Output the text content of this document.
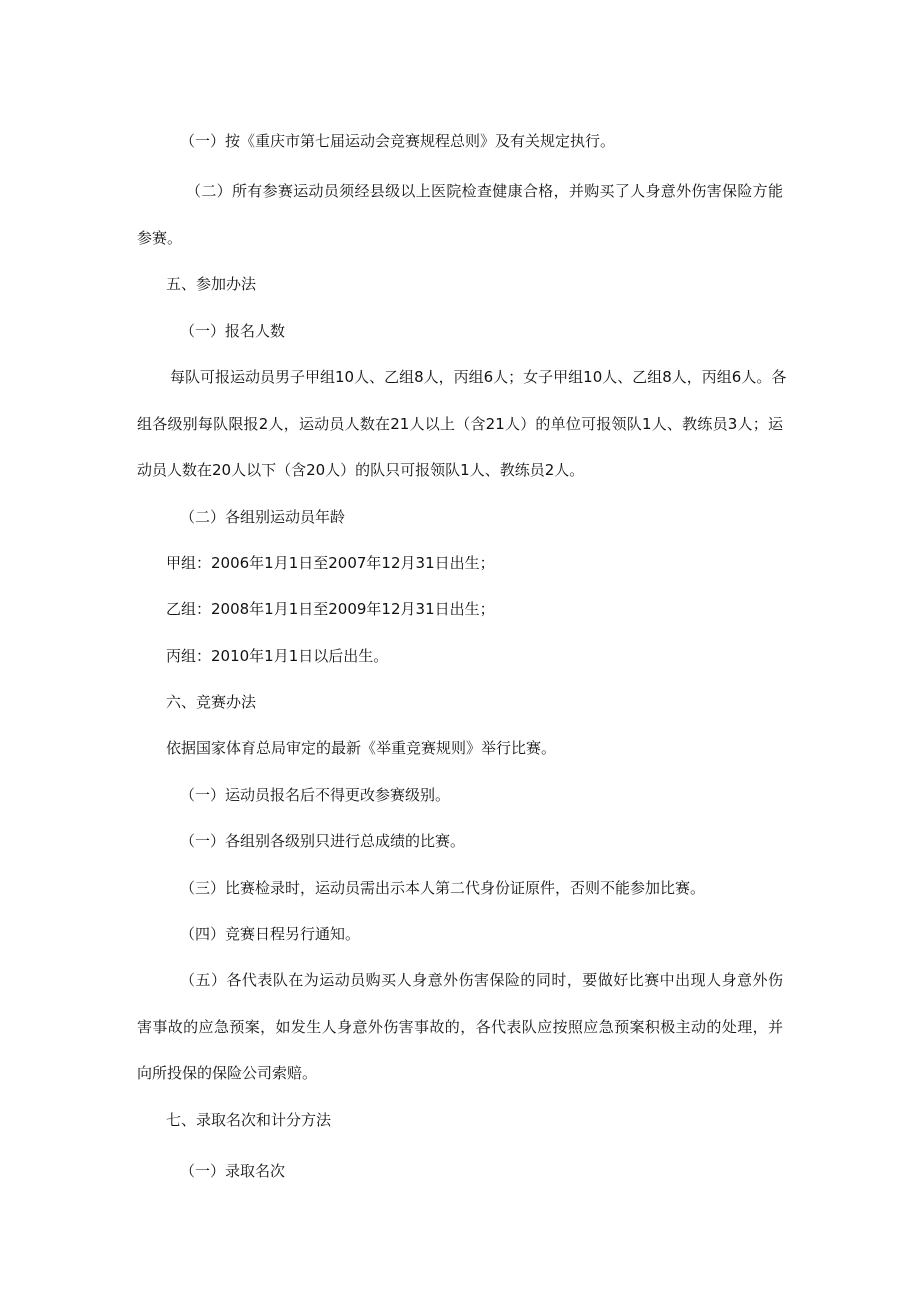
（一）按《重庆市第七届运动会竞赛规程总则》及有关规定执行。
（二）所有参赛运动员须经县级以上医院检查健康合格，并购买了人身意外伤害保险方能
参赛。
五、参加办法
（一）报名人数
每队可报运动员男子甲组10人、乙组8人，丙组6人；女子甲组10人、乙组8人，丙组6人。各
组各级别每队限报2人，运动员人数在21人以上（含21人）的单位可报领队1人、教练员3人；运
动员人数在20人以下（含20人）的队只可报领队1人、教练员2人。
（二）各组别运动员年龄
甲组：2006年1月1日至2007年12月31日出生；
乙组：2008年1月1日至2009年12月31日出生；
丙组：2010年1月1日以后出生。
六、竞赛办法
依据国家体育总局审定的最新《举重竞赛规则》举行比赛。
（一）运动员报名后不得更改参赛级别。
（一）各组别各级别只进行总成绩的比赛。
（三）比赛检录时，运动员需出示本人第二代身份证原件，否则不能参加比赛。
（四）竞赛日程另行通知。
（五）各代表队在为运动员购买人身意外伤害保险的同时，要做好比赛中出现人身意外伤
害事故的应急预案，如发生人身意外伤害事故的，各代表队应按照应急预案积极主动的处理，并
向所投保的保险公司索赔。
七、录取名次和计分方法
（一）录取名次
